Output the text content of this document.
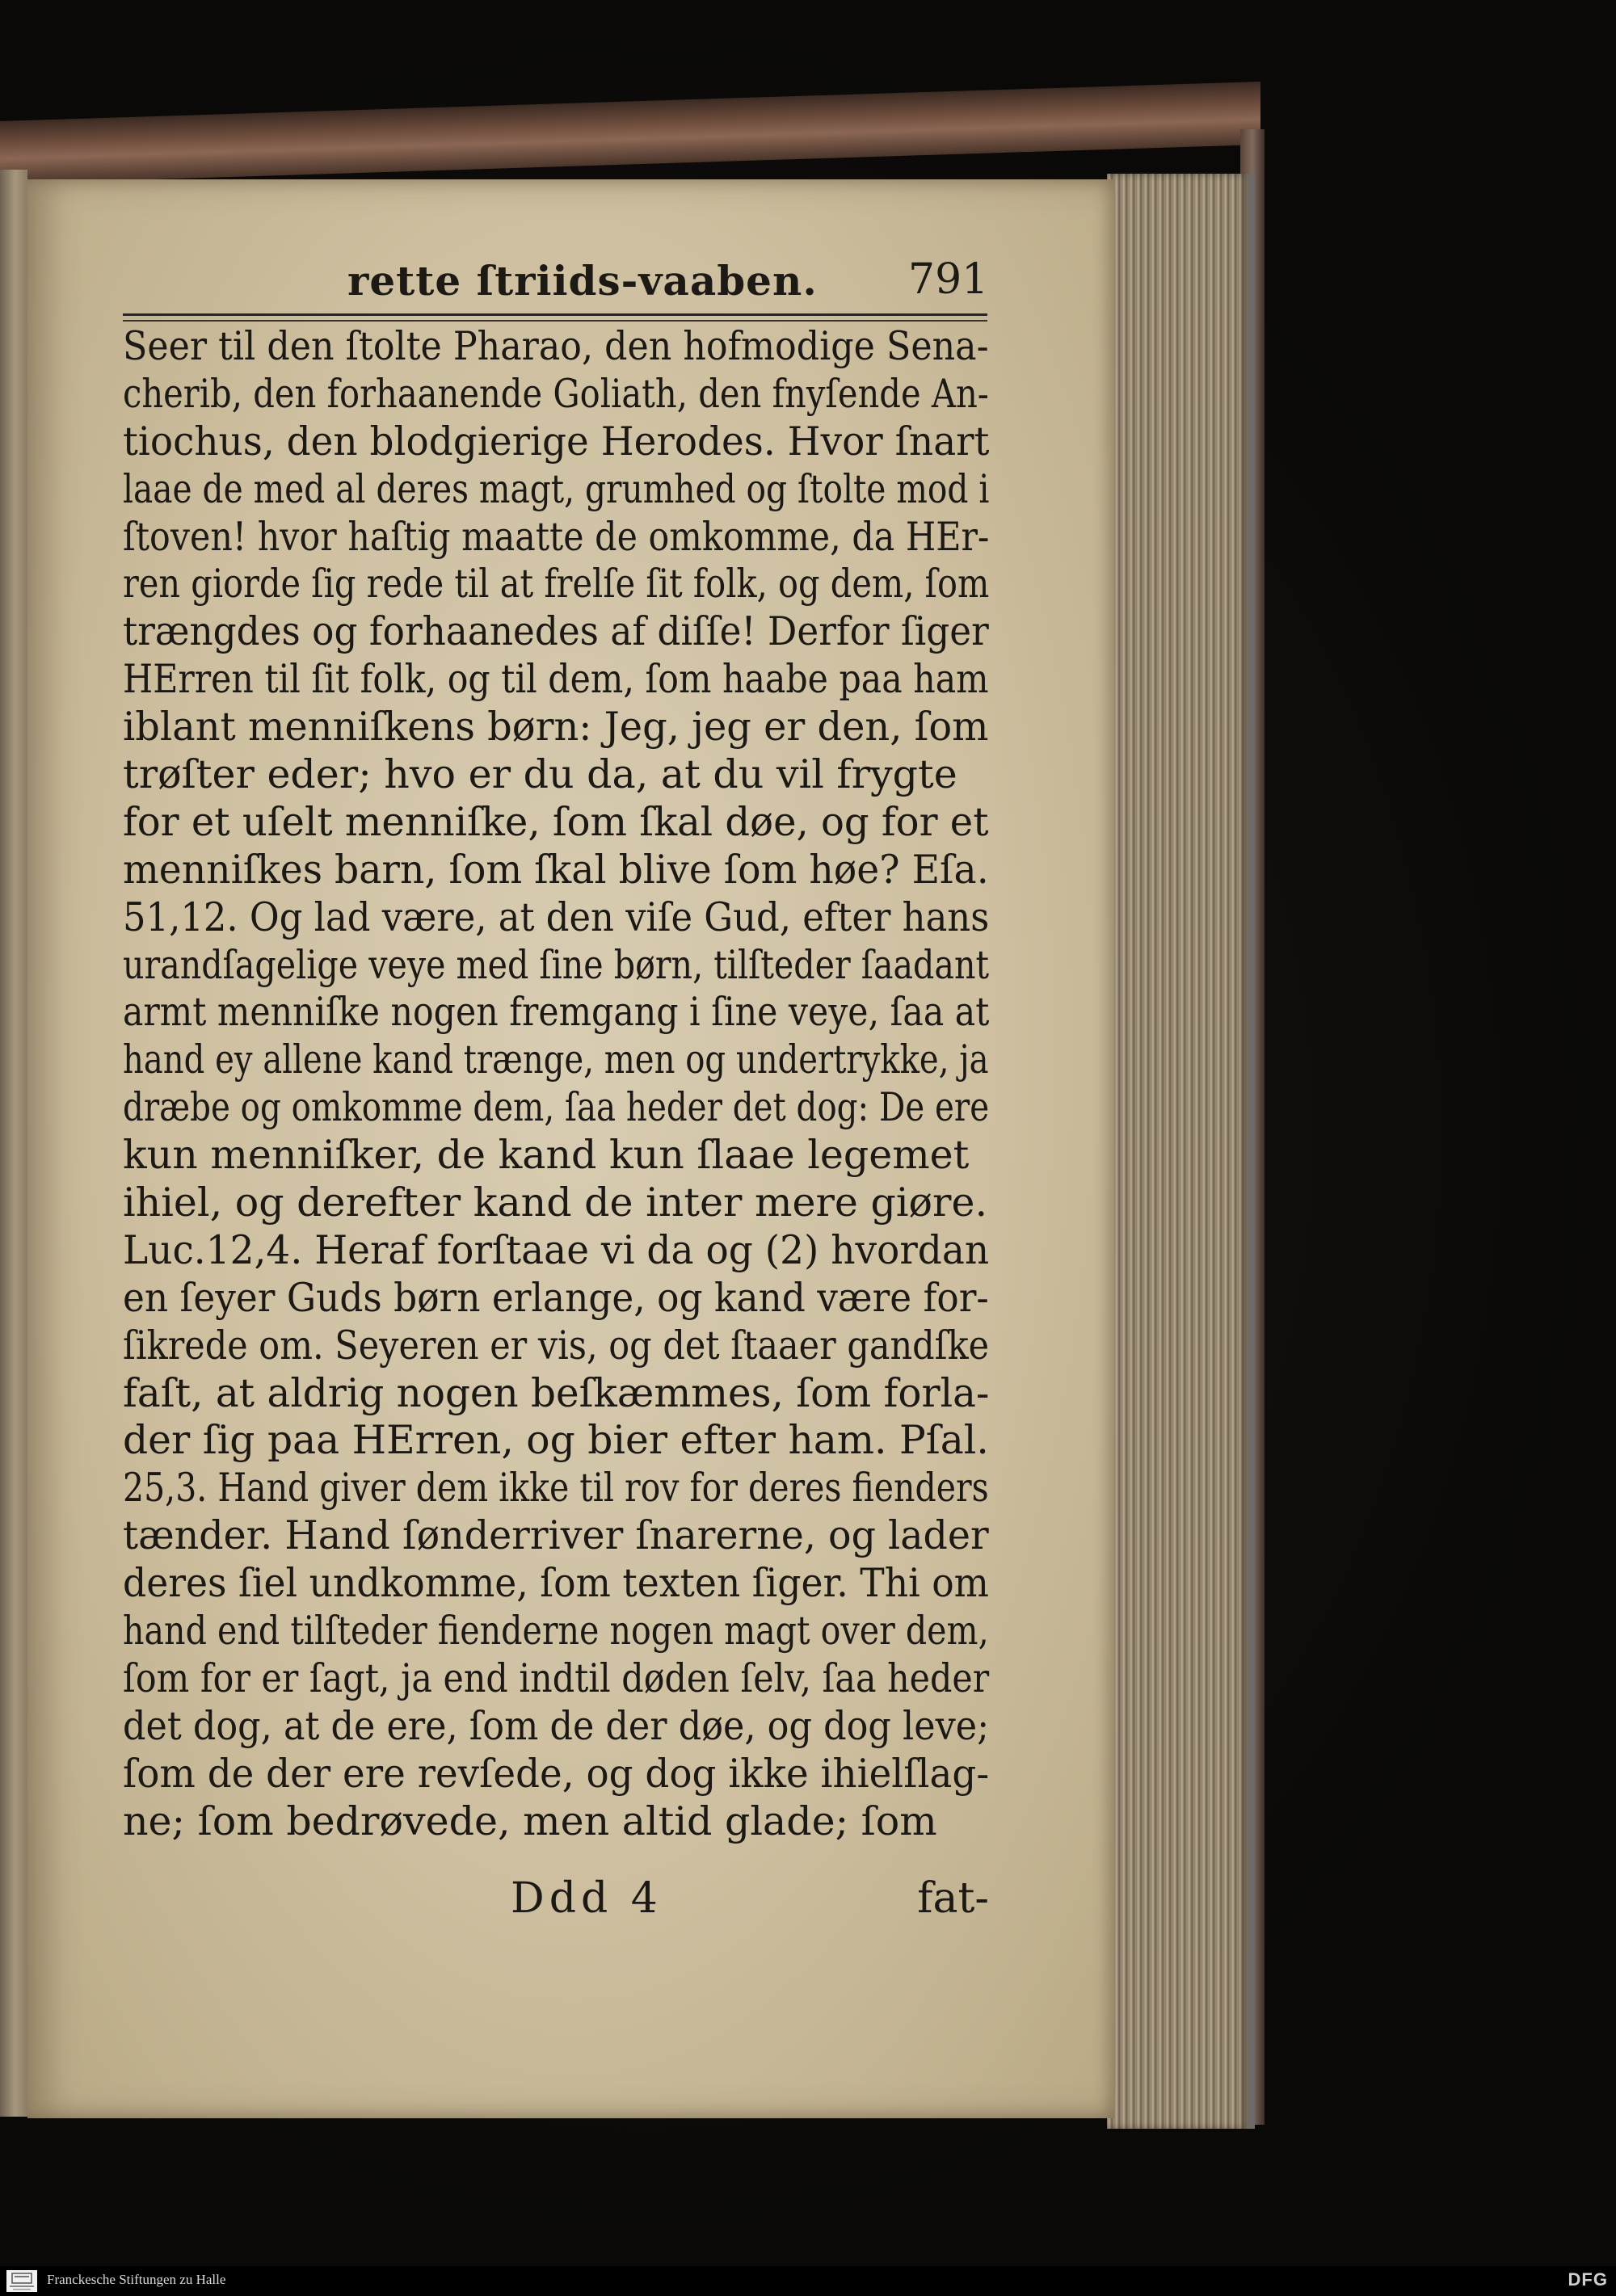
rette ſtriids-vaaben. 791
Seer til den ſtolte Pharao, den hofmodige Sena-
cherib, den forhaanende Goliath, den fnyſende An-
tiochus, den blodgierige Herodes. Hvor ſnart
laae de med al deres magt, grumhed og ſtolte mod i
ſtoven! hvor haſtig maatte de omkomme, da HEr-
ren giorde ſig rede til at frelſe ſit folk, og dem, ſom
trængdes og forhaanedes af diſſe! Derfor ſiger
HErren til ſit folk, og til dem, ſom haabe paa ham
iblant menniſkens børn: Jeg, jeg er den, ſom
trøſter eder; hvo er du da, at du vil frygte
for et uſelt menniſke, ſom ſkal døe, og for et
menniſkes barn, ſom ſkal blive ſom høe? Eſa.
51,12. Og lad være, at den viſe Gud, efter hans
urandſagelige veye med ſine børn, tilſteder ſaadant
armt menniſke nogen fremgang i ſine veye, ſaa at
hand ey allene kand trænge, men og undertrykke, ja
dræbe og omkomme dem, ſaa heder det dog: De ere
kun menniſker, de kand kun ſlaae legemet
ihiel, og derefter kand de inter mere giøre.
Luc.12,4. Heraf forſtaae vi da og (2) hvordan
en ſeyer Guds børn erlange, og kand være for-
ſikrede om. Seyeren er vis, og det ſtaaer gandſke
faſt, at aldrig nogen beſkæmmes, ſom forla-
der ſig paa HErren, og bier efter ham. Pſal.
25,3. Hand giver dem ikke til rov for deres fienders
tænder. Hand ſønderriver ſnarerne, og lader
deres ſiel undkomme, ſom texten ſiger. Thi om
hand end tilſteder fienderne nogen magt over dem,
ſom for er ſagt, ja end indtil døden ſelv, ſaa heder
det dog, at de ere, ſom de der døe, og dog leve;
ſom de der ere revſede, og dog ikke ihielſlag-
ne; ſom bedrøvede, men altid glade; ſom
Ddd 4	fat-
Franckesche Stiftungen zu Halle	DFG
